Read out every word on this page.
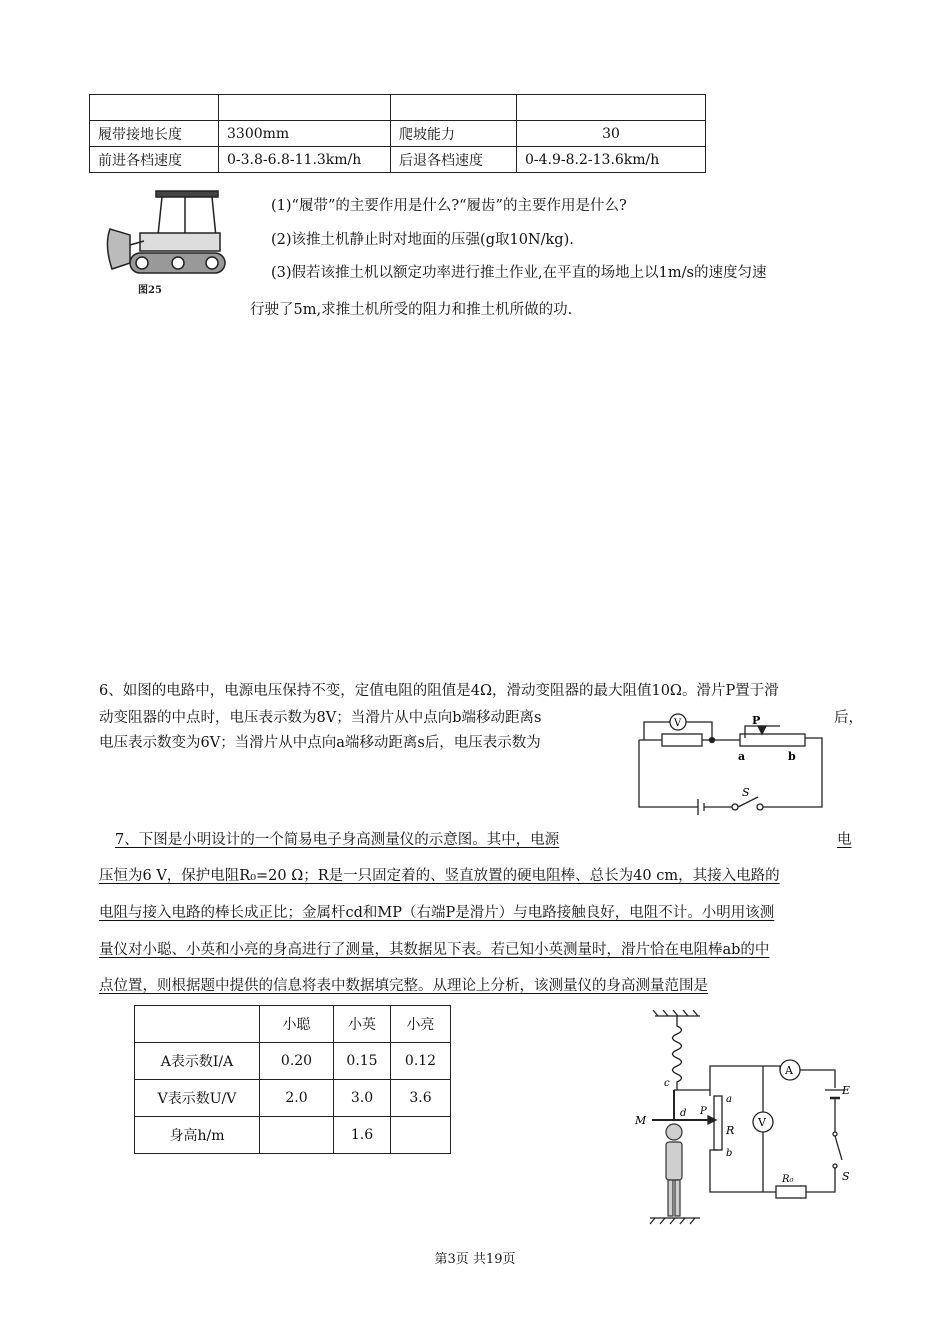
履带接地长度	3300mm	爬坡能力	30
前进各档速度	0-3.8-6.8-11.3km/h	后退各档速度	0-4.9-8.2-13.6km/h
图25
(1)“履带”的主要作用是什么?“履齿”的主要作用是什么?
(2)该推土机静止时对地面的压强(g取10N/kg).
(3)假若该推土机以额定功率进行推土作业,在平直的场地上以1m/s的速度匀速
行驶了5m,求推土机所受的阻力和推土机所做的功.
6、如图的电路中，电源电压保持不变，定值电阻的阻值是4Ω，滑动变阻器的最大阻值10Ω。滑片P置于滑
动变阻器的中点时，电压表示数为8V；当滑片从中点向b端移动距离s	后，
电压表示数变为6V；当滑片从中点向a端移动距离s后，电压表示数为
V	P
a	b
S
7、下图是小明设计的一个简易电子身高测量仪的示意图。其中，电源	电
压恒为6 V，保护电阻R₀=20 Ω；R是一只固定着的、竖直放置的硬电阻棒、总长为40 cm，其接入电路的
电阻与接入电路的棒长成正比；金属杆cd和MP（右端P是滑片）与电路接触良好，电阻不计。小明用该测
量仪对小聪、小英和小亮的身高进行了测量，其数据见下表。若已知小英测量时，滑片恰在电阻棒ab的中
点位置，则根据题中提供的信息将表中数据填完整。从理论上分析，该测量仪的身高测量范围是
	小聪	小英	小亮
A表示数I/A	0.20	0.15	0.12
V表示数U/V	2.0	3.0	3.6
身高h/m		1.6	
M
c
d P
R
a
b
A
V
E
S
R₀
第3页 共19页
